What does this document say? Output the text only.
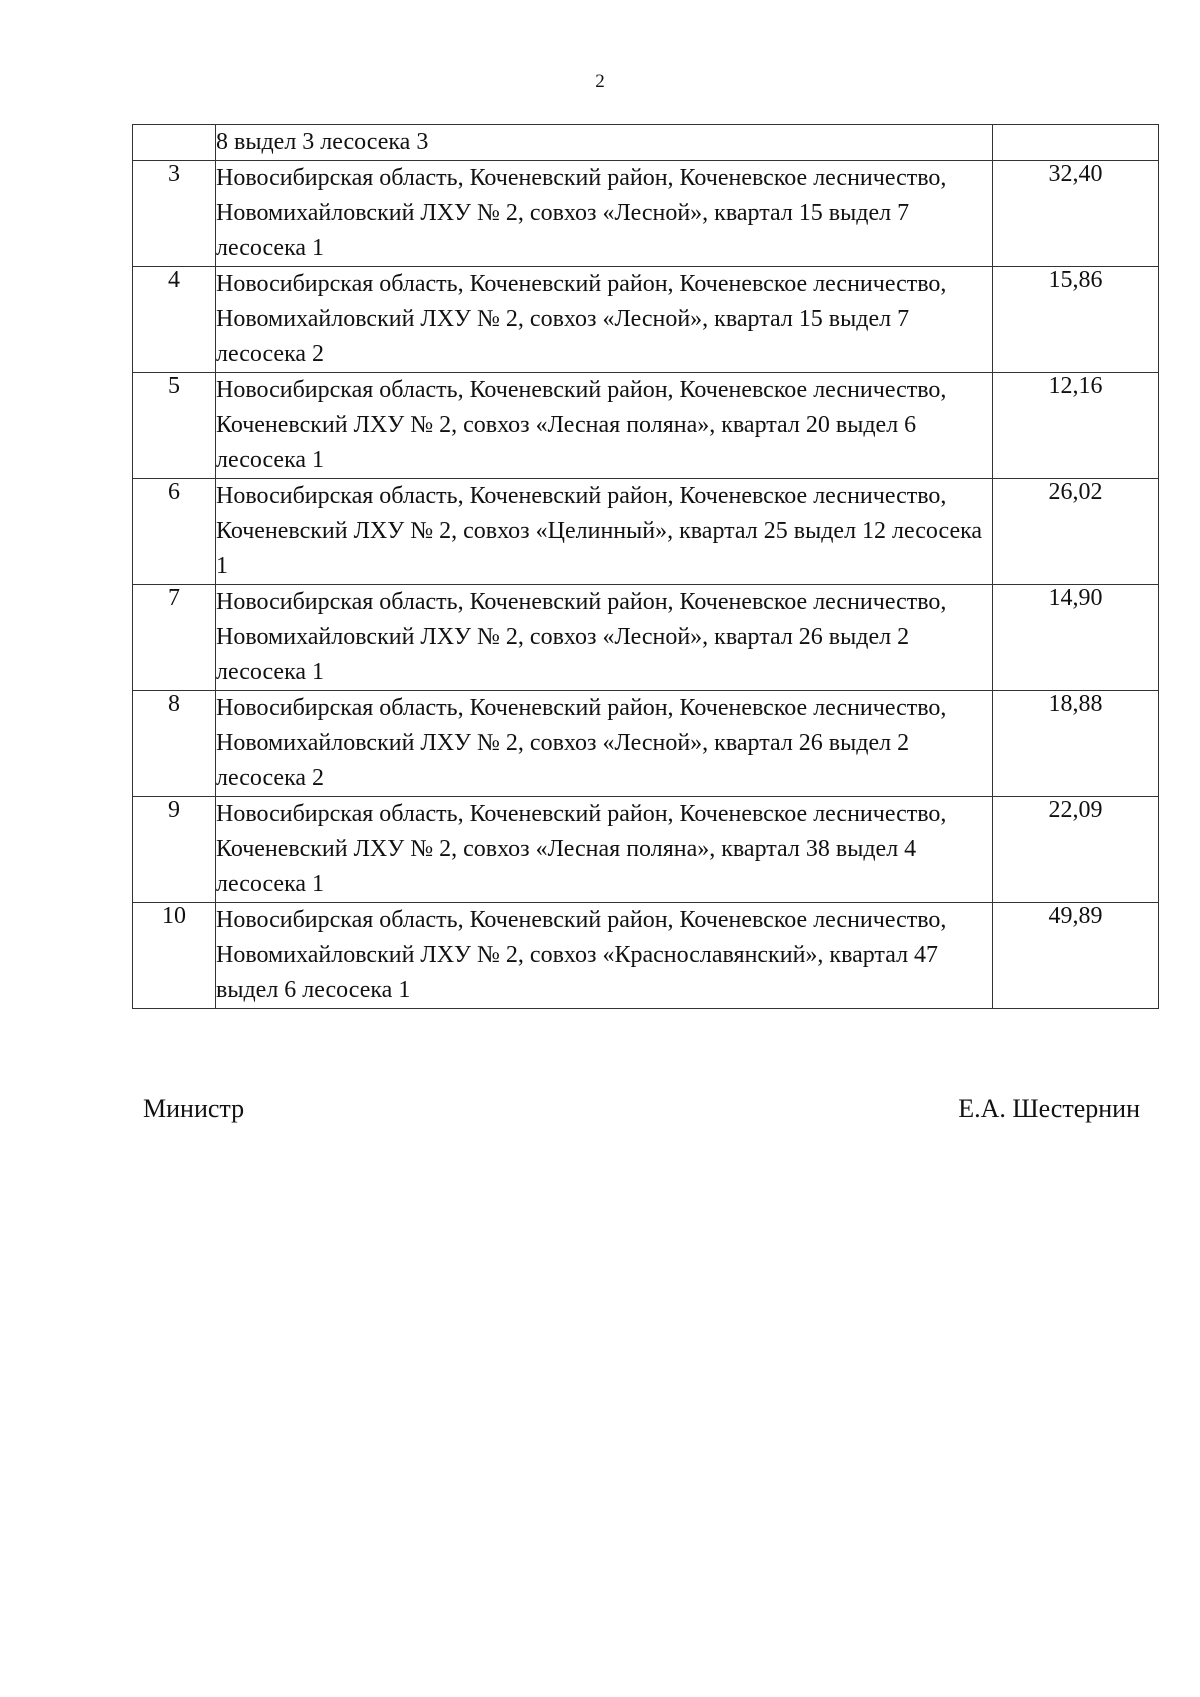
2
	8 выдел 3 лесосека 3	
3	Новосибирская область, Коченевский район, Коченевское лесничество, Новомихайловский ЛХУ № 2, совхоз «Лесной», квартал 15 выдел 7 лесосека 1	32,40
4	Новосибирская область, Коченевский район, Коченевское лесничество, Новомихайловский ЛХУ № 2, совхоз «Лесной», квартал 15 выдел 7 лесосека 2	15,86
5	Новосибирская область, Коченевский район, Коченевское лесничество, Коченевский ЛХУ № 2, совхоз «Лесная поляна», квартал 20 выдел 6 лесосека 1	12,16
6	Новосибирская область, Коченевский район, Коченевское лесничество, Коченевский ЛХУ № 2, совхоз «Целинный», квартал 25 выдел 12 лесосека 1	26,02
7	Новосибирская область, Коченевский район, Коченевское лесничество, Новомихайловский ЛХУ № 2, совхоз «Лесной», квартал 26 выдел 2 лесосека 1	14,90
8	Новосибирская область, Коченевский район, Коченевское лесничество, Новомихайловский ЛХУ № 2, совхоз «Лесной», квартал 26 выдел 2 лесосека 2	18,88
9	Новосибирская область, Коченевский район, Коченевское лесничество, Коченевский ЛХУ № 2, совхоз «Лесная поляна», квартал 38 выдел 4 лесосека 1	22,09
10	Новосибирская область, Коченевский район, Коченевское лесничество, Новомихайловский ЛХУ № 2, совхоз «Краснославянский», квартал 47 выдел 6 лесосека 1	49,89
Министр	Е.А. Шестернин
